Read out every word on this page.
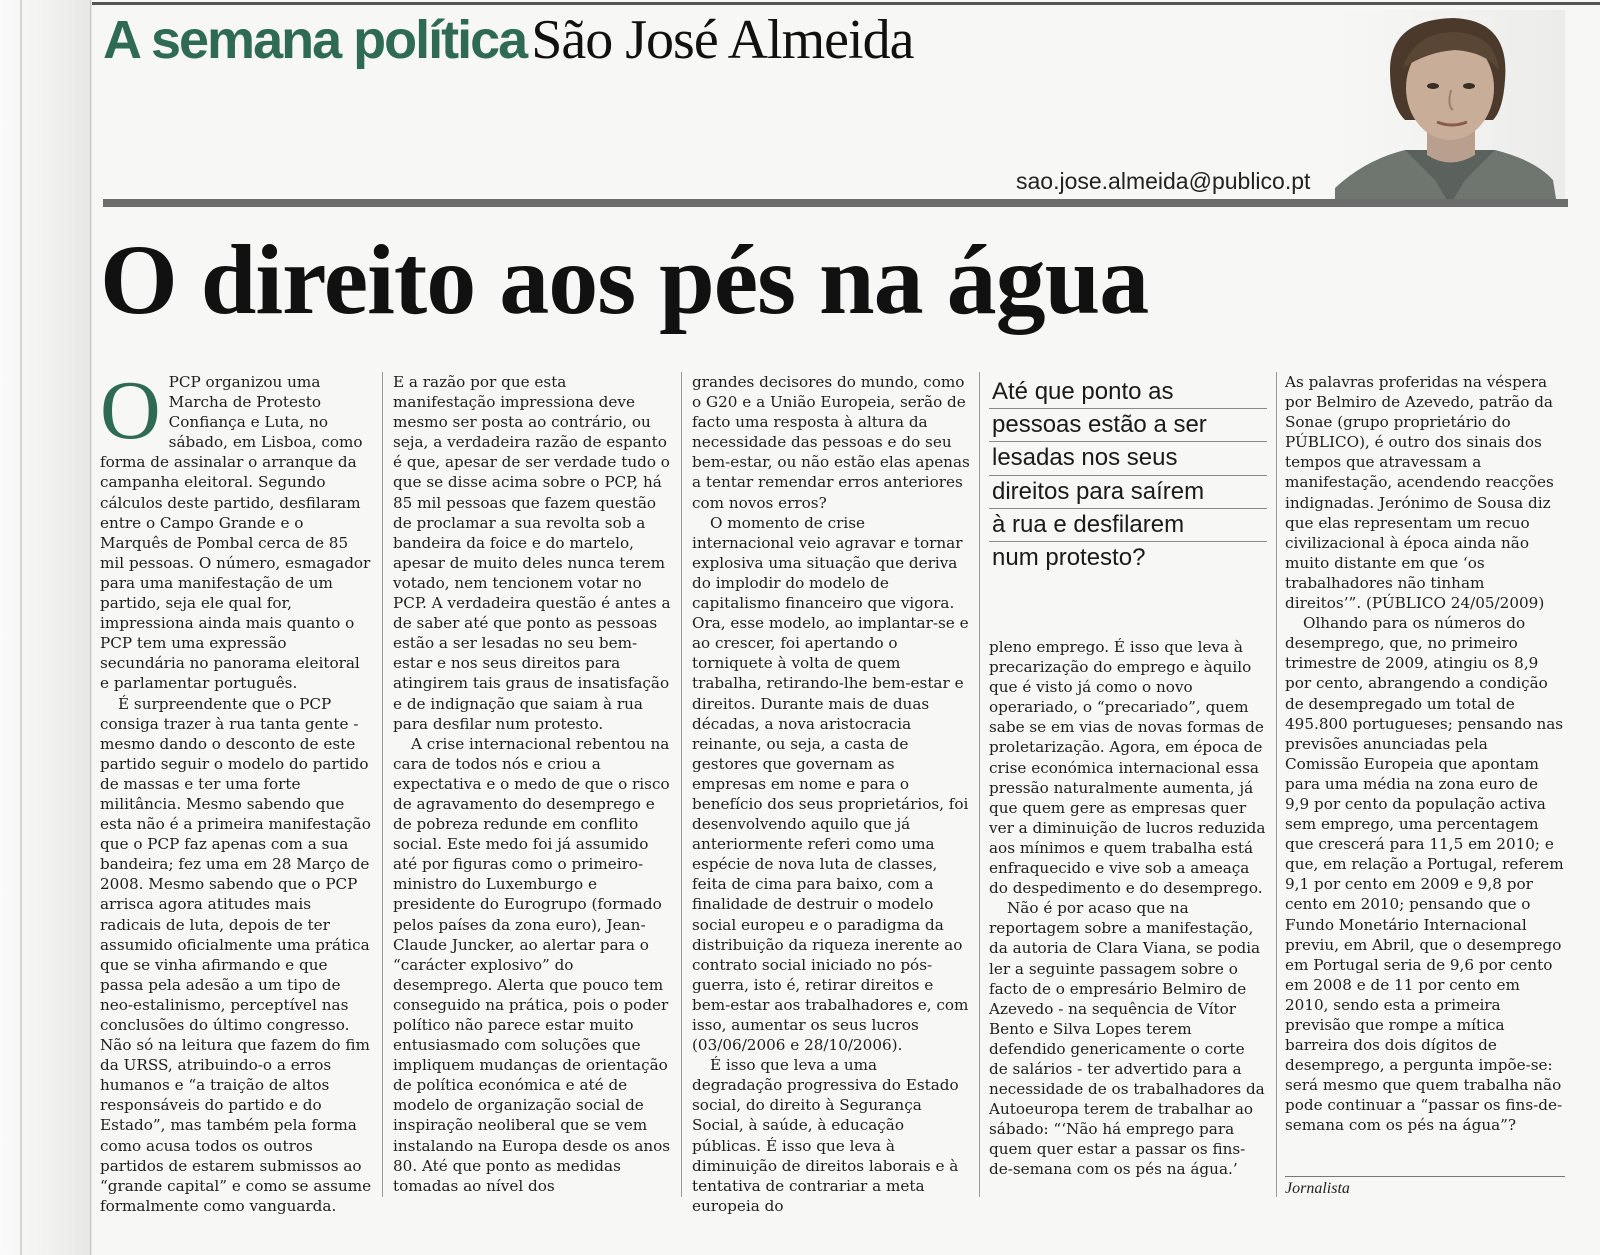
A semana política São José Almeida
sao.jose.almeida@publico.pt
O direito aos pés na água

OPCP organizou uma Marcha de Protesto Confiança e Luta, no sábado, em Lisboa, como forma de assinalar o arranque da campanha eleitoral. Segundo cálculos deste partido, desfilaram entre o Campo Grande e o Marquês de Pombal cerca de 85 mil pessoas. O número, esmagador para uma manifestação de um partido, seja ele qual for, impressiona ainda mais quanto o PCP tem uma expressão secundária no panorama eleitoral e parlamentar português.

É surpreendente que o PCP consiga trazer à rua tanta gente - mesmo dando o desconto de este partido seguir o modelo do partido de massas e ter uma forte militância. Mesmo sabendo que esta não é a primeira manifestação que o PCP faz apenas com a sua bandeira; fez uma em 28 Março de 2008. Mesmo sabendo que o PCP arrisca agora atitudes mais radicais de luta, depois de ter assumido oficialmente uma prática que se vinha afirmando e que passa pela adesão a um tipo de neo-estalinismo, perceptível nas conclusões do último congresso. Não só na leitura que fazem do fim da URSS, atribuindo-o a erros humanos e “a traição de altos responsáveis do partido e do Estado”, mas também pela forma como acusa todos os outros partidos de estarem submissos ao “grande capital” e como se assume formalmente como vanguarda.

E a razão por que esta manifestação impressiona deve mesmo ser posta ao contrário, ou seja, a verdadeira razão de espanto é que, apesar de ser verdade tudo o que se disse acima sobre o PCP, há 85 mil pessoas que fazem questão de proclamar a sua revolta sob a bandeira da foice e do martelo, apesar de muito deles nunca terem votado, nem tencionem votar no PCP. A verdadeira questão é antes a de saber até que ponto as pessoas estão a ser lesadas no seu bem-estar e nos seus direitos para atingirem tais graus de insatisfação e de indignação que saiam à rua para desfilar num protesto.

A crise internacional rebentou na cara de todos nós e criou a expectativa e o medo de que o risco de agravamento do desemprego e de pobreza redunde em conflito social. Este medo foi já assumido até por figuras como o primeiro-ministro do Luxemburgo e presidente do Eurogrupo (formado pelos países da zona euro), Jean-Claude Juncker, ao alertar para o “carácter explosivo” do desemprego. Alerta que pouco tem conseguido na prática, pois o poder político não parece estar muito entusiasmado com soluções que impliquem mudanças de orientação de política económica e até de modelo de organização social de inspiração neoliberal que se vem instalando na Europa desde os anos 80. Até que ponto as medidas tomadas ao nível dos

grandes decisores do mundo, como o G20 e a União Europeia, serão de facto uma resposta à altura da necessidade das pessoas e do seu bem-estar, ou não estão elas apenas a tentar remendar erros anteriores com novos erros?

O momento de crise internacional veio agravar e tornar explosiva uma situação que deriva do implodir do modelo de capitalismo financeiro que vigora. Ora, esse modelo, ao implantar-se e ao crescer, foi apertando o torniquete à volta de quem trabalha, retirando-lhe bem-estar e direitos. Durante mais de duas décadas, a nova aristocracia reinante, ou seja, a casta de gestores que governam as empresas em nome e para o benefício dos seus proprietários, foi desenvolvendo aquilo que já anteriormente referi como uma espécie de nova luta de classes, feita de cima para baixo, com a finalidade de destruir o modelo social europeu e o paradigma da distribuição da riqueza inerente ao contrato social iniciado no pós-guerra, isto é, retirar direitos e bem-estar aos trabalhadores e, com isso, aumentar os seus lucros (03/06/2006 e 28/10/2006).

É isso que leva a uma degradação progressiva do Estado social, do direito à Segurança Social, à saúde, à educação públicas. É isso que leva à diminuição de direitos laborais e à tentativa de contrariar a meta europeia do

Até que ponto as
pessoas estão a ser
lesadas nos seus
direitos para saírem
à rua e desfilarem
num protesto?

pleno emprego. É isso que leva à precarização do emprego e àquilo que é visto já como o novo operariado, o “precariado”, quem sabe se em vias de novas formas de proletarização. Agora, em época de crise económica internacional essa pressão naturalmente aumenta, já que quem gere as empresas quer ver a diminuição de lucros reduzida aos mínimos e quem trabalha está enfraquecido e vive sob a ameaça do despedimento e do desemprego.

Não é por acaso que na reportagem sobre a manifestação, da autoria de Clara Viana, se podia ler a seguinte passagem sobre o facto de o empresário Belmiro de Azevedo - na sequência de Vítor Bento e Silva Lopes terem defendido genericamente o corte de salários - ter advertido para a necessidade de os trabalhadores da Autoeuropa terem de trabalhar ao sábado: “‘Não há emprego para quem quer estar a passar os fins-de-semana com os pés na água.’

As palavras proferidas na véspera por Belmiro de Azevedo, patrão da Sonae (grupo proprietário do PÚBLICO), é outro dos sinais dos tempos que atravessam a manifestação, acendendo reacções indignadas. Jerónimo de Sousa diz que elas representam um recuo civilizacional à época ainda não muito distante em que ‘os trabalhadores não tinham direitos’”. (PÚBLICO 24/05/2009)

Olhando para os números do desemprego, que, no primeiro trimestre de 2009, atingiu os 8,9 por cento, abrangendo a condição de desempregado um total de 495.800 portugueses; pensando nas previsões anunciadas pela Comissão Europeia que apontam para uma média na zona euro de 9,9 por cento da população activa sem emprego, uma percentagem que crescerá para 11,5 em 2010; e que, em relação a Portugal, referem 9,1 por cento em 2009 e 9,8 por cento em 2010; pensando que o Fundo Monetário Internacional previu, em Abril, que o desemprego em Portugal seria de 9,6 por cento em 2008 e de 11 por cento em 2010, sendo esta a primeira previsão que rompe a mítica barreira dos dois dígitos de desemprego, a pergunta impõe-se: será mesmo que quem trabalha não pode continuar a “passar os fins-de-semana com os pés na água”?

Jornalista
